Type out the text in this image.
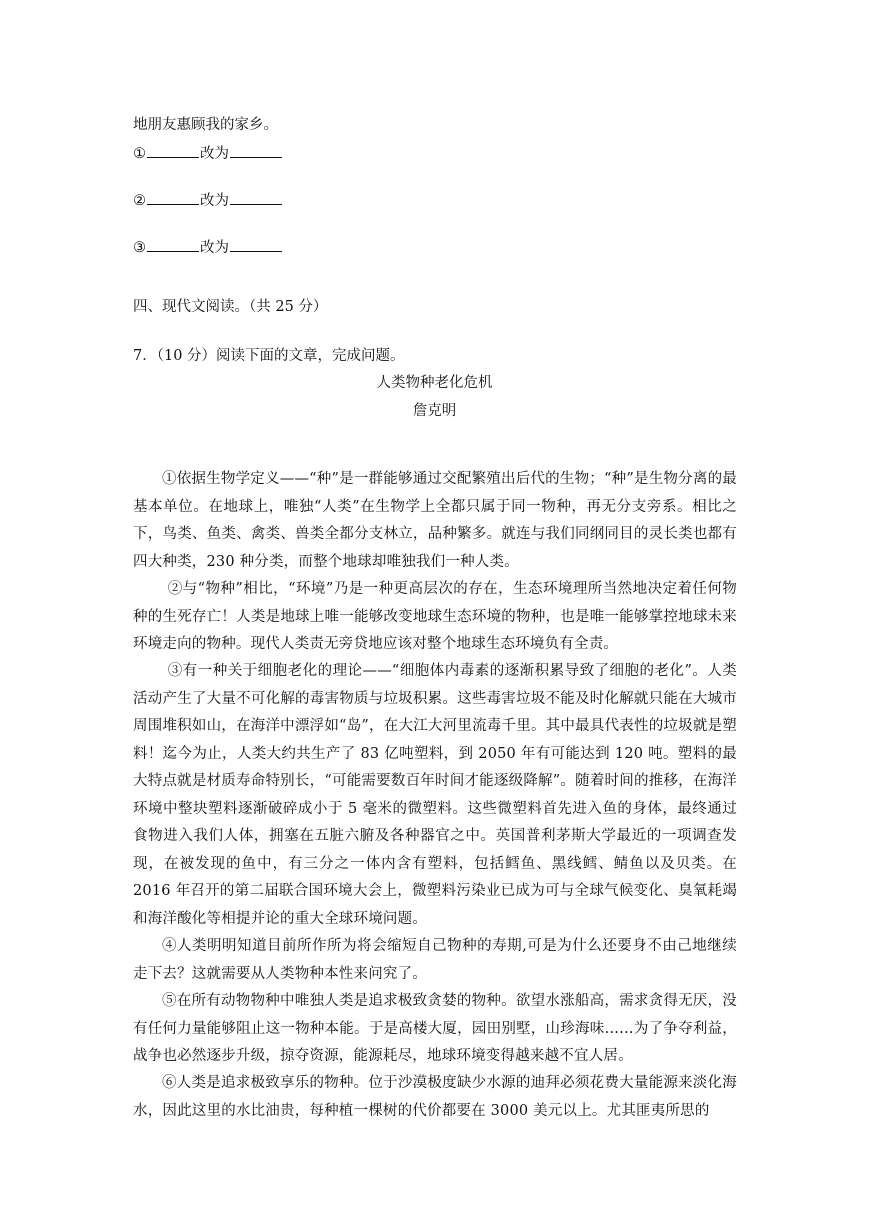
地朋友惠顾我的家乡。
①	改为
②	改为
③	改为
四、现代文阅读。（共 25 分）
7．（10 分）阅读下面的文章，完成问题。
人类物种老化危机
詹克明
①依据生物学定义——“种”是一群能够通过交配繁殖出后代的生物；“种”是生物分离的最基本单位。在地球上，唯独“人类”在生物学上全都只属于同一物种，再无分支旁系。相比之下，鸟类、鱼类、禽类、兽类全都分支林立，品种繁多。就连与我们同纲同目的灵长类也都有四大种类，230 种分类，而整个地球却唯独我们一种人类。
②与“物种”相比，“环境”乃是一种更高层次的存在，生态环境理所当然地决定着任何物种的生死存亡！人类是地球上唯一能够改变地球生态环境的物种，也是唯一能够掌控地球未来环境走向的物种。现代人类责无旁贷地应该对整个地球生态环境负有全责。
③有一种关于细胞老化的理论——“细胞体内毒素的逐渐积累导致了细胞的老化”。人类活动产生了大量不可化解的毒害物质与垃圾积累。这些毒害垃圾不能及时化解就只能在大城市周围堆积如山，在海洋中漂浮如“岛”，在大江大河里流毒千里。其中最具代表性的垃圾就是塑料！迄今为止，人类大约共生产了 83 亿吨塑料，到 2050 年有可能达到 120 吨。塑料的最大特点就是材质寿命特别长，“可能需要数百年时间才能逐级降解”。随着时间的推移，在海洋环境中整块塑料逐渐破碎成小于 5 毫米的微塑料。这些微塑料首先进入鱼的身体，最终通过食物进入我们人体，拥塞在五脏六腑及各种器官之中。英国普利茅斯大学最近的一项调查发现，在被发现的鱼中，有三分之一体内含有塑料，包括鳕鱼、黑线鳕、鲭鱼以及贝类。在 2016 年召开的第二届联合国环境大会上，微塑料污染业已成为可与全球气候变化、臭氧耗竭和海洋酸化等相提并论的重大全球环境问题。
④人类明明知道目前所作所为将会缩短自己物种的寿期,可是为什么还要身不由己地继续走下去？这就需要从人类物种本性来问究了。
⑤在所有动物物种中唯独人类是追求极致贪婪的物种。欲望水涨船高，需求贪得无厌，没有任何力量能够阻止这一物种本能。于是高楼大厦，园田别墅，山珍海味……为了争夺利益，战争也必然逐步升级，掠夺资源，能源耗尽，地球环境变得越来越不宜人居。
⑥人类是追求极致享乐的物种。位于沙漠极度缺少水源的迪拜必须花费大量能源来淡化海水，因此这里的水比油贵，每种植一棵树的代价都要在 3000 美元以上。尤其匪夷所思的
